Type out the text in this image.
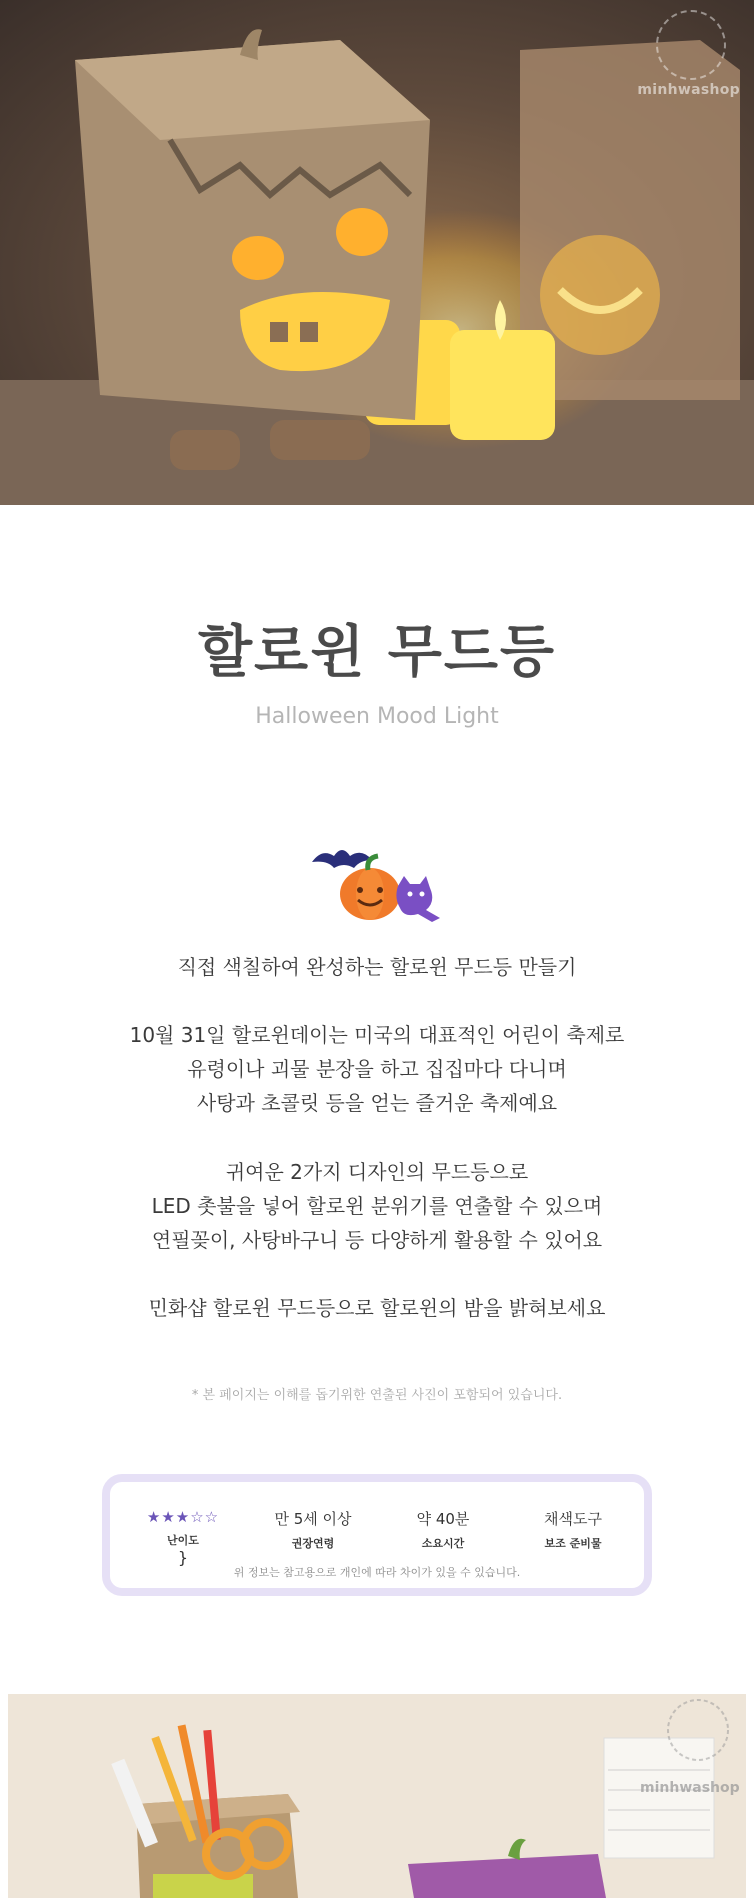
minhwashop
할로윈 무드등
Halloween Mood Light
직접 색칠하여 완성하는 할로윈 무드등 만들기
10월 31일 할로윈데이는 미국의 대표적인 어린이 축제로
유령이나 괴물 분장을 하고 집집마다 다니며
사탕과 초콜릿 등을 얻는 즐거운 축제예요
귀여운 2가지 디자인의 무드등으로
LED 촛불을 넣어 할로윈 분위기를 연출할 수 있으며
연필꽂이, 사탕바구니 등 다양하게 활용할 수 있어요
민화샵 할로윈 무드등으로 할로윈의 밤을 밝혀보세요
* 본 페이지는 이해를 돕기위한 연출된 사진이 포함되어 있습니다.
★★★☆☆
난이도
}
만 5세 이상
권장연령
약 40분
소요시간
채색도구
보조 준비물
위 정보는 참고용으로 개인에 따라 차이가 있을 수 있습니다.
minhwashop
